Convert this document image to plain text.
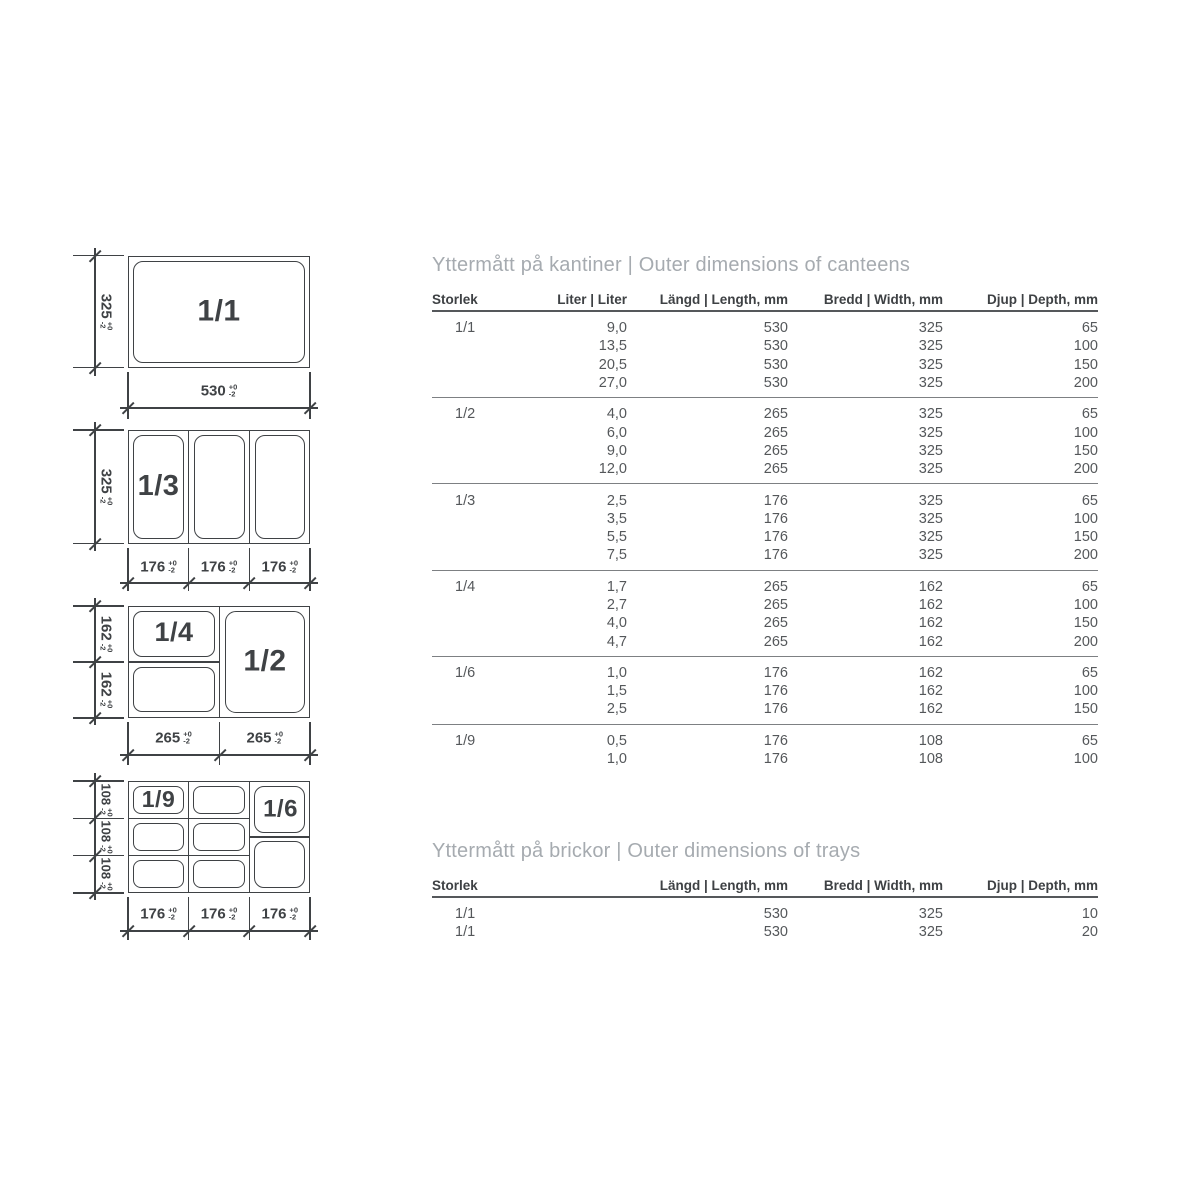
1/1
325
+0
-2
530 +0
-2
1/3
325
+0
-2
176 +0
-2 176 +0
-2 176 +0
-2
1/4
1/2
162
+0
-2
162
+0
-2
265 +0
-2	265 +0
-2
1/9	1/6
108
+0
-2
108
+0
-2
108
+0
-2
176 +0
-2 176 +0
-2 176 +0
-2
Yttermått på kantiner | Outer dimensions of canteens
Storlek	Liter | Liter	Längd | Length, mm	Bredd | Width, mm	Djup | Depth, mm
1/1	9,0	530	325	65
13,5	530	325	100
20,5	530	325	150
27,0	530	325	200
1/2	4,0	265	325	65
6,0	265	325	100
9,0	265	325	150
12,0	265	325	200
1/3	2,5	176	325	65
3,5	176	325	100
5,5	176	325	150
7,5	176	325	200
1/4	1,7	265	162	65
2,7	265	162	100
4,0	265	162	150
4,7	265	162	200
1/6	1,0	176	162	65
1,5	176	162	100
2,5	176	162	150
1/9	0,5	176	108	65
1,0	176	108	100
Yttermått på brickor | Outer dimensions of trays
Storlek	Längd | Length, mm	Bredd | Width, mm	Djup | Depth, mm
1/1	530	325	10
1/1	530	325	20
